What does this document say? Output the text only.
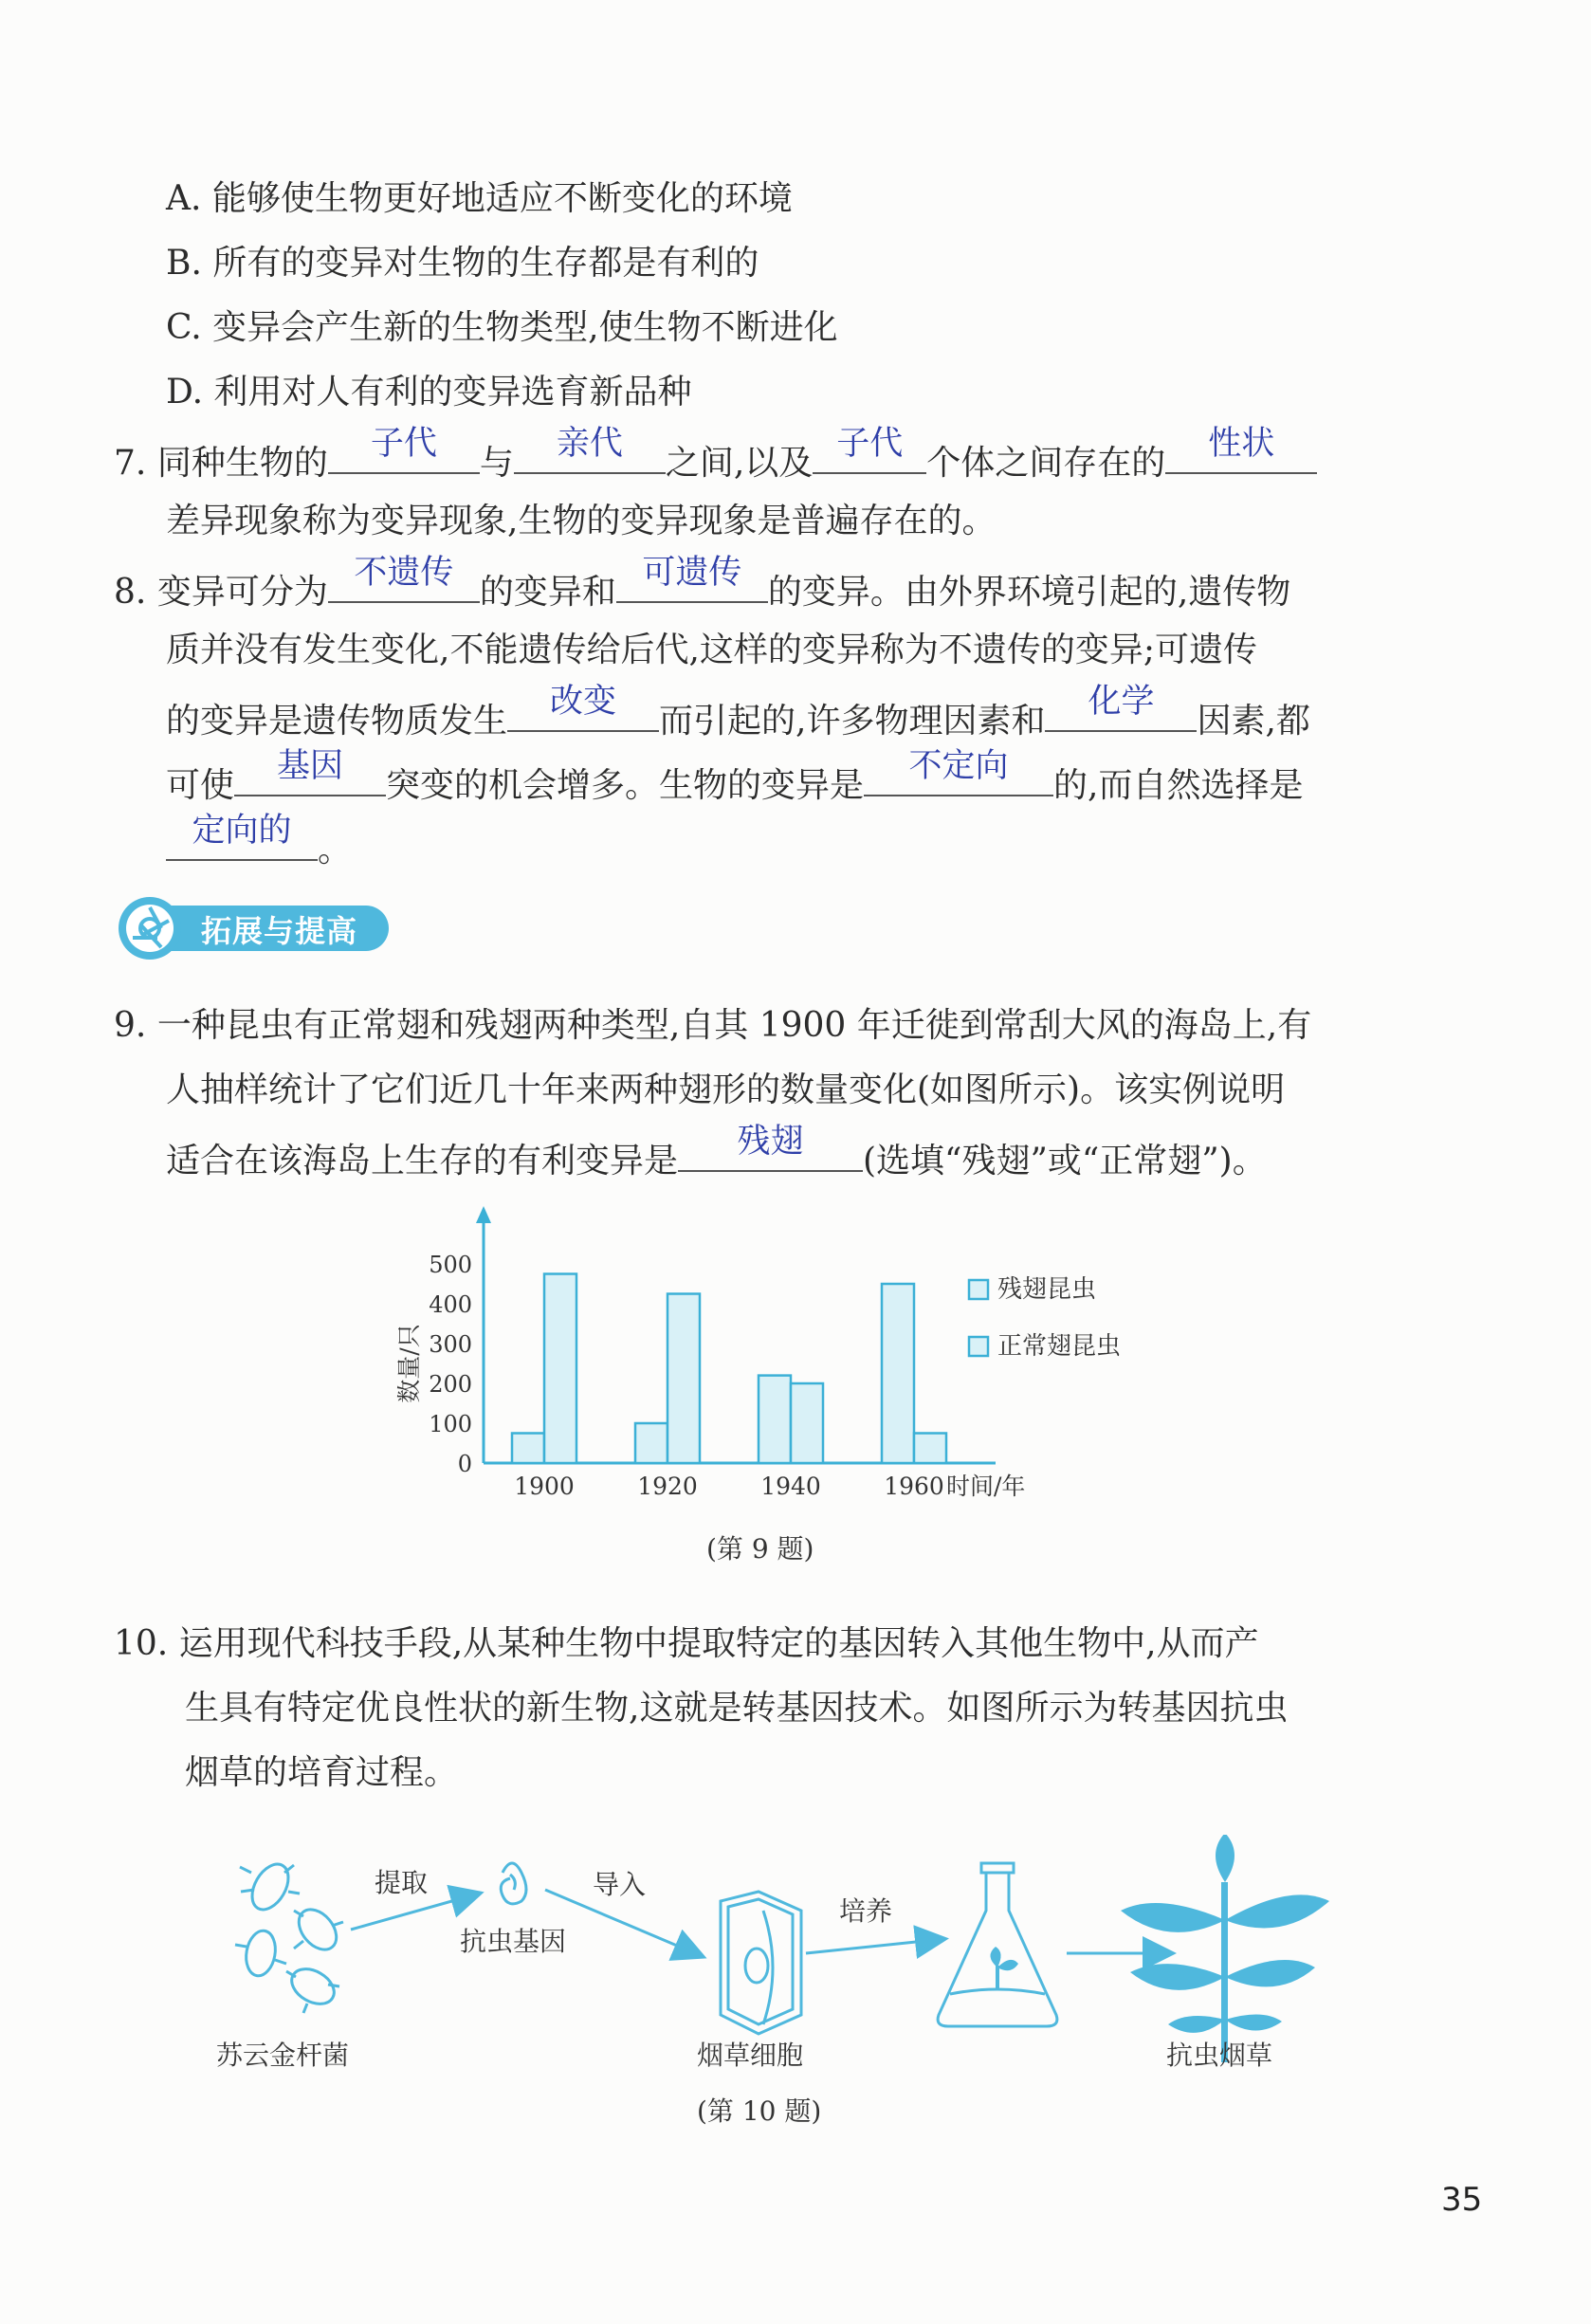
A. 能够使生物更好地适应不断变化的环境
B. 所有的变异对生物的生存都是有利的
C. 变异会产生新的生物类型,使生物不断进化
D. 利用对人有利的变异选育新品种
7. 同种生物的	子代	与	亲代	之间,以及 子代 个体之间存在的	性状
差异现象称为变异现象,生物的变异现象是普遍存在的。
8. 变异可分为 不遗传 的变异和 可遗传 的变异。由外界环境引起的,遗传物
质并没有发生变化,不能遗传给后代,这样的变异称为不遗传的变异;可遗传
的变异是遗传物质发生	改变	而引起的,许多物理因素和	化学	因素,都
可使	基因	突变的机会增多。生物的变异是	不定向	的,而自然选择是
定向的 。
拓展与提高
9. 一种昆虫有正常翅和残翅两种类型,自其 1900 年迁徙到常刮大风的海岛上,有
人抽样统计了它们近几十年来两种翅形的数量变化(如图所示)。该实例说明
适合在该海岛上生存的有利变异是	残翅	(选填“残翅”或“正常翅”)。
0
100
200
300
400
500
数量/只
1900	1920	1940	1960 时间/年
残翅昆虫
正常翅昆虫
(第 9 题)
10. 运用现代科技手段,从某种生物中提取特定的基因转入其他生物中,从而产
生具有特定优良性状的新生物,这就是转基因技术。如图所示为转基因抗虫
烟草的培育过程。
提取
抗虫基因
导入
烟草细胞
培养
苏云金杆菌	抗虫烟草
(第 10 题)
35
